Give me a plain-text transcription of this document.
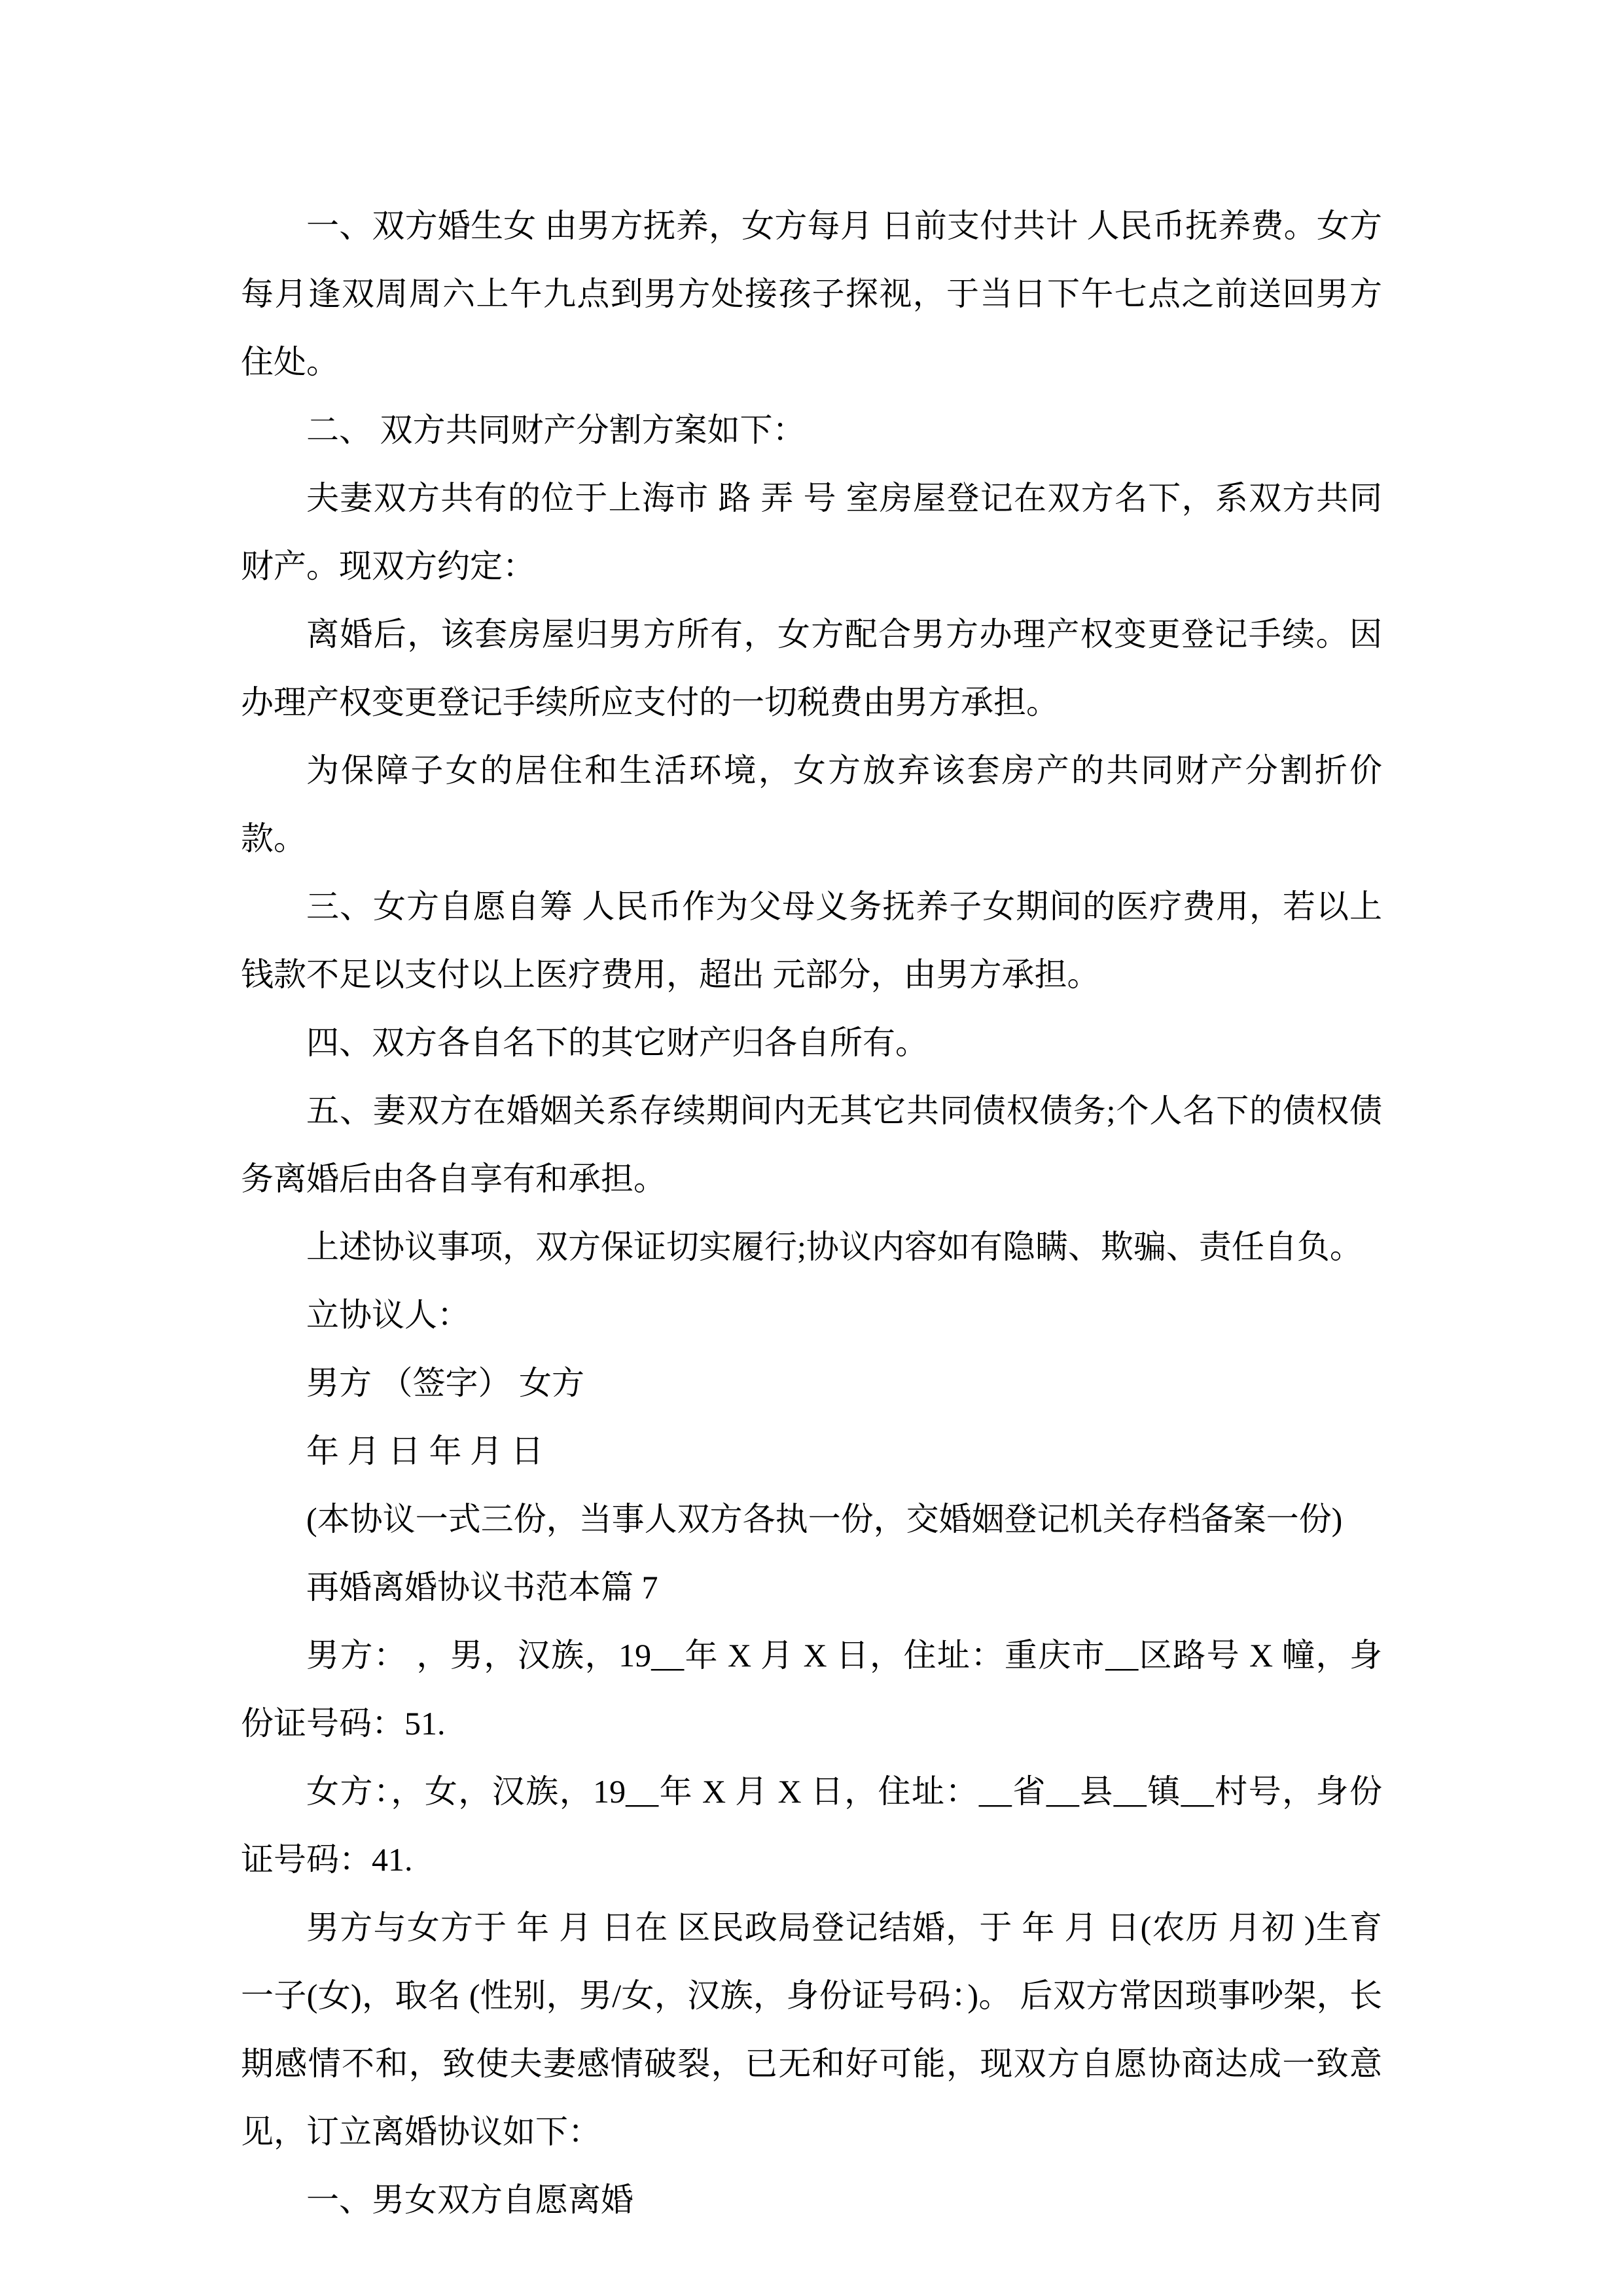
一、双方婚生女 由男方抚养，女方每月 日前支付共计 人民币抚养费。女方每月逢双周周六上午九点到男方处接孩子探视，于当日下午七点之前送回男方住处。

二、 双方共同财产分割方案如下：

夫妻双方共有的位于上海市 路 弄 号 室房屋登记在双方名下，系双方共同财产。现双方约定：

离婚后，该套房屋归男方所有，女方配合男方办理产权变更登记手续。因办理产权变更登记手续所应支付的一切税费由男方承担。

为保障子女的居住和生活环境，女方放弃该套房产的共同财产分割折价款。

三、女方自愿自筹 人民币作为父母义务抚养子女期间的医疗费用，若以上钱款不足以支付以上医疗费用，超出 元部分，由男方承担。

四、双方各自名下的其它财产归各自所有。

五、妻双方在婚姻关系存续期间内无其它共同债权债务;个人名下的债权债务离婚后由各自享有和承担。

上述协议事项，双方保证切实履行;协议内容如有隐瞒、欺骗、责任自负。

立协议人：

男方 （签字） 女方

年 月 日 年 月 日

(本协议一式三份，当事人双方各执一份，交婚姻登记机关存档备案一份)

再婚离婚协议书范本篇 7

男方： ，男，汉族，19__年 X 月 X 日，住址：重庆市__区路号 X 幢，身份证号码：51.

女方：，女，汉族，19__年 X 月 X 日，住址：__省__县__镇__村号，身份证号码：41.

男方与女方于 年 月 日在 区民政局登记结婚，于 年 月 日(农历 月初 )生育一子(女)，取名 (性别，男/女，汉族，身份证号码：)。 后双方常因琐事吵架，长期感情不和，致使夫妻感情破裂，已无和好可能，现双方自愿协商达成一致意见，订立离婚协议如下：

一、男女双方自愿离婚
